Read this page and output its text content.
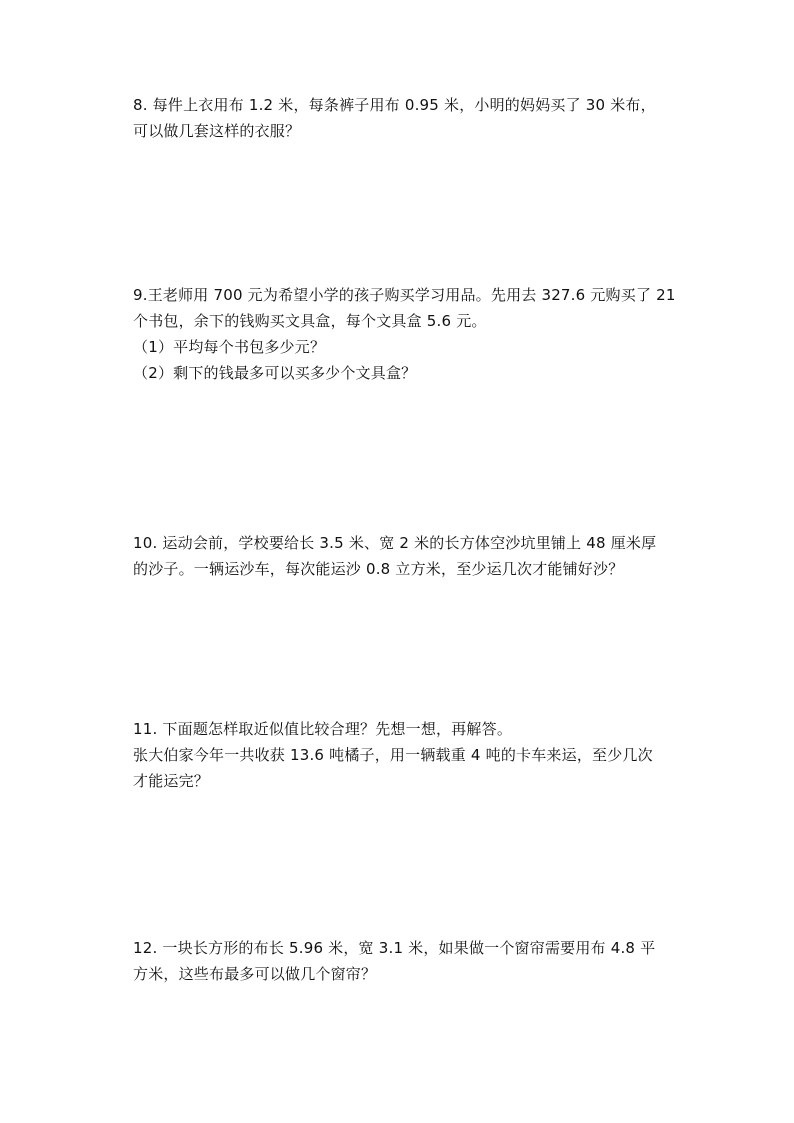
8. 每件上衣用布 1.2 米，每条裤子用布 0.95 米，小明的妈妈买了 30 米布，
可以做几套这样的衣服？
9.王老师用 700 元为希望小学的孩子购买学习用品。先用去 327.6 元购买了 21
个书包，余下的钱购买文具盒，每个文具盒 5.6 元。
（1）平均每个书包多少元？
（2）剩下的钱最多可以买多少个文具盒？
10. 运动会前，学校要给长 3.5 米、宽 2 米的长方体空沙坑里铺上 48 厘米厚
的沙子。一辆运沙车，每次能运沙 0.8 立方米，至少运几次才能铺好沙？
11. 下面题怎样取近似值比较合理？先想一想，再解答。
张大伯家今年一共收获 13.6 吨橘子，用一辆载重 4 吨的卡车来运，至少几次
才能运完？
12. 一块长方形的布长 5.96 米，宽 3.1 米，如果做一个窗帘需要用布 4.8 平
方米，这些布最多可以做几个窗帘？
